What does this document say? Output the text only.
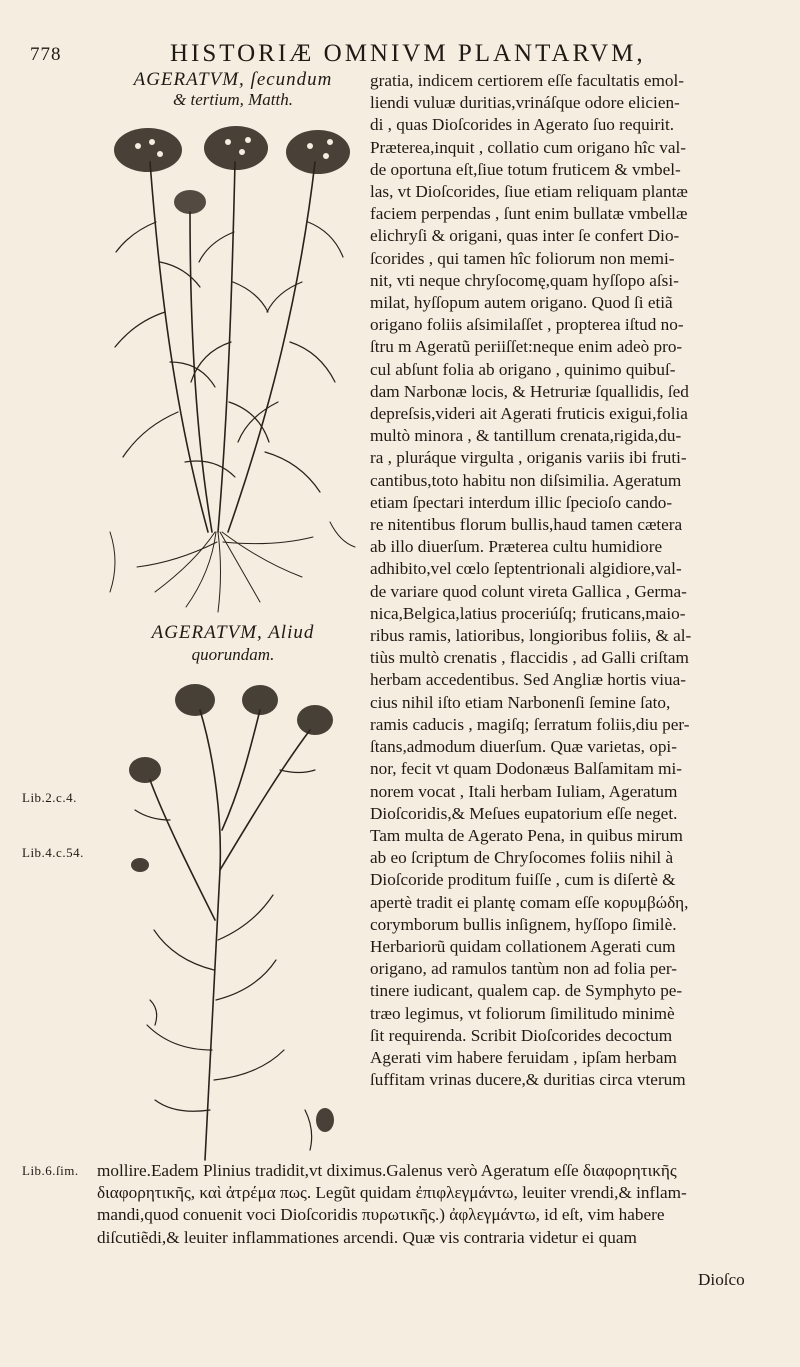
778	HISTORIÆ OMNIVM PLANTARVM,
AGERATVM, ſecundum
& tertium, Matth.
AGERATVM, Aliud
quorundam.
Lib.2.c.4.
Lib.4.c.54.
Lib.6.ſim.
gratia, indicem certiorem eſſe facultatis emol-
liendi vuluæ duritias,vrináſque odore elicien-
di , quas Dioſcorides in Agerato ſuo requirit.
Præterea,inquit , collatio cum origano hîc val-
de oportuna eſt,ſiue totum fruticem & vmbel-
las, vt Dioſcorides, ſiue etiam reliquam plantæ
faciem perpendas , ſunt enim bullatæ vmbellæ
elichryſi & origani, quas inter ſe confert Dio-
ſcorides , qui tamen hîc foliorum non memi-
nit, vti neque chryſocomę,quam hyſſopo aſsi-
milat, hyſſopum autem origano. Quod ſi etiã
origano foliis aſsimilaſſet , propterea iſtud no-
ſtru m Ageratũ periiſſet:neque enim adeò pro-
cul abſunt folia ab origano , quinimo quibuſ-
dam Narbonæ locis, & Hetruriæ ſquallidis, ſed
depreſsis,videri ait Agerati fruticis exigui,folia
multò minora , & tantillum crenata,rigida,du-
ra , pluráque virgulta , origanis variis ibi fruti-
cantibus,toto habitu non diſsimilia. Ageratum
etiam ſpectari interdum illic ſpecioſo cando-
re nitentibus florum bullis,haud tamen cætera
ab illo diuerſum. Præterea cultu humidiore
adhibito,vel cœlo ſeptentrionali algidiore,val-
de variare quod colunt vireta Gallica , Germa-
nica,Belgica,latius proceriúſq; fruticans,maio-
ribus ramis, latioribus, longioribus foliis, & al-
tiùs multò crenatis , flaccidis , ad Galli criſtam
herbam accedentibus. Sed Angliæ hortis viua-
cius nihil iſto etiam Narbonenſi ſemine ſato,
ramis caducis , magiſq; ſerratum foliis,diu per-
ſtans,admodum diuerſum. Quæ varietas, opi-
nor, fecit vt quam Dodonæus Balſamitam mi-
norem vocat , Itali herbam Iuliam, Ageratum
Dioſcoridis,& Meſues eupatorium eſſe neget.
Tam multa de Agerato Pena, in quibus mirum
ab eo ſcriptum de Chryſocomes foliis nihil à
Dioſcoride proditum fuiſſe , cum is diſertè &
apertè tradit ei plantę comam eſſe κορυμβώδη,
corymborum bullis inſignem, hyſſopo ſimilè.
Herbariorũ quidam collationem Agerati cum
origano, ad ramulos tantùm non ad folia per-
tinere iudicant, qualem cap. de Symphyto pe-
træo legimus, vt foliorum ſimilitudo minimè
ſit requirenda. Scribit Dioſcorides decoctum
Agerati vim habere feruidam , ipſam herbam
ſuffitam vrinas ducere,& duritias circa vterum
mollire.Eadem Plinius tradidit,vt diximus.Galenus verò Ageratum eſſe διαφορητικῆς
διαφορητικῆς, καὶ ἀτρέμα πως. Legũt quidam ἐπιφλεγμάντω, leuiter vrendi,& inflam-
mandi,quod conuenit voci Dioſcoridis πυρωτικῆς.) ἀφλεγμάντω, id eſt, vim habere
diſcutiẽdi,& leuiter inflammationes arcendi. Quæ vis contraria videtur ei quam
Dioſco
